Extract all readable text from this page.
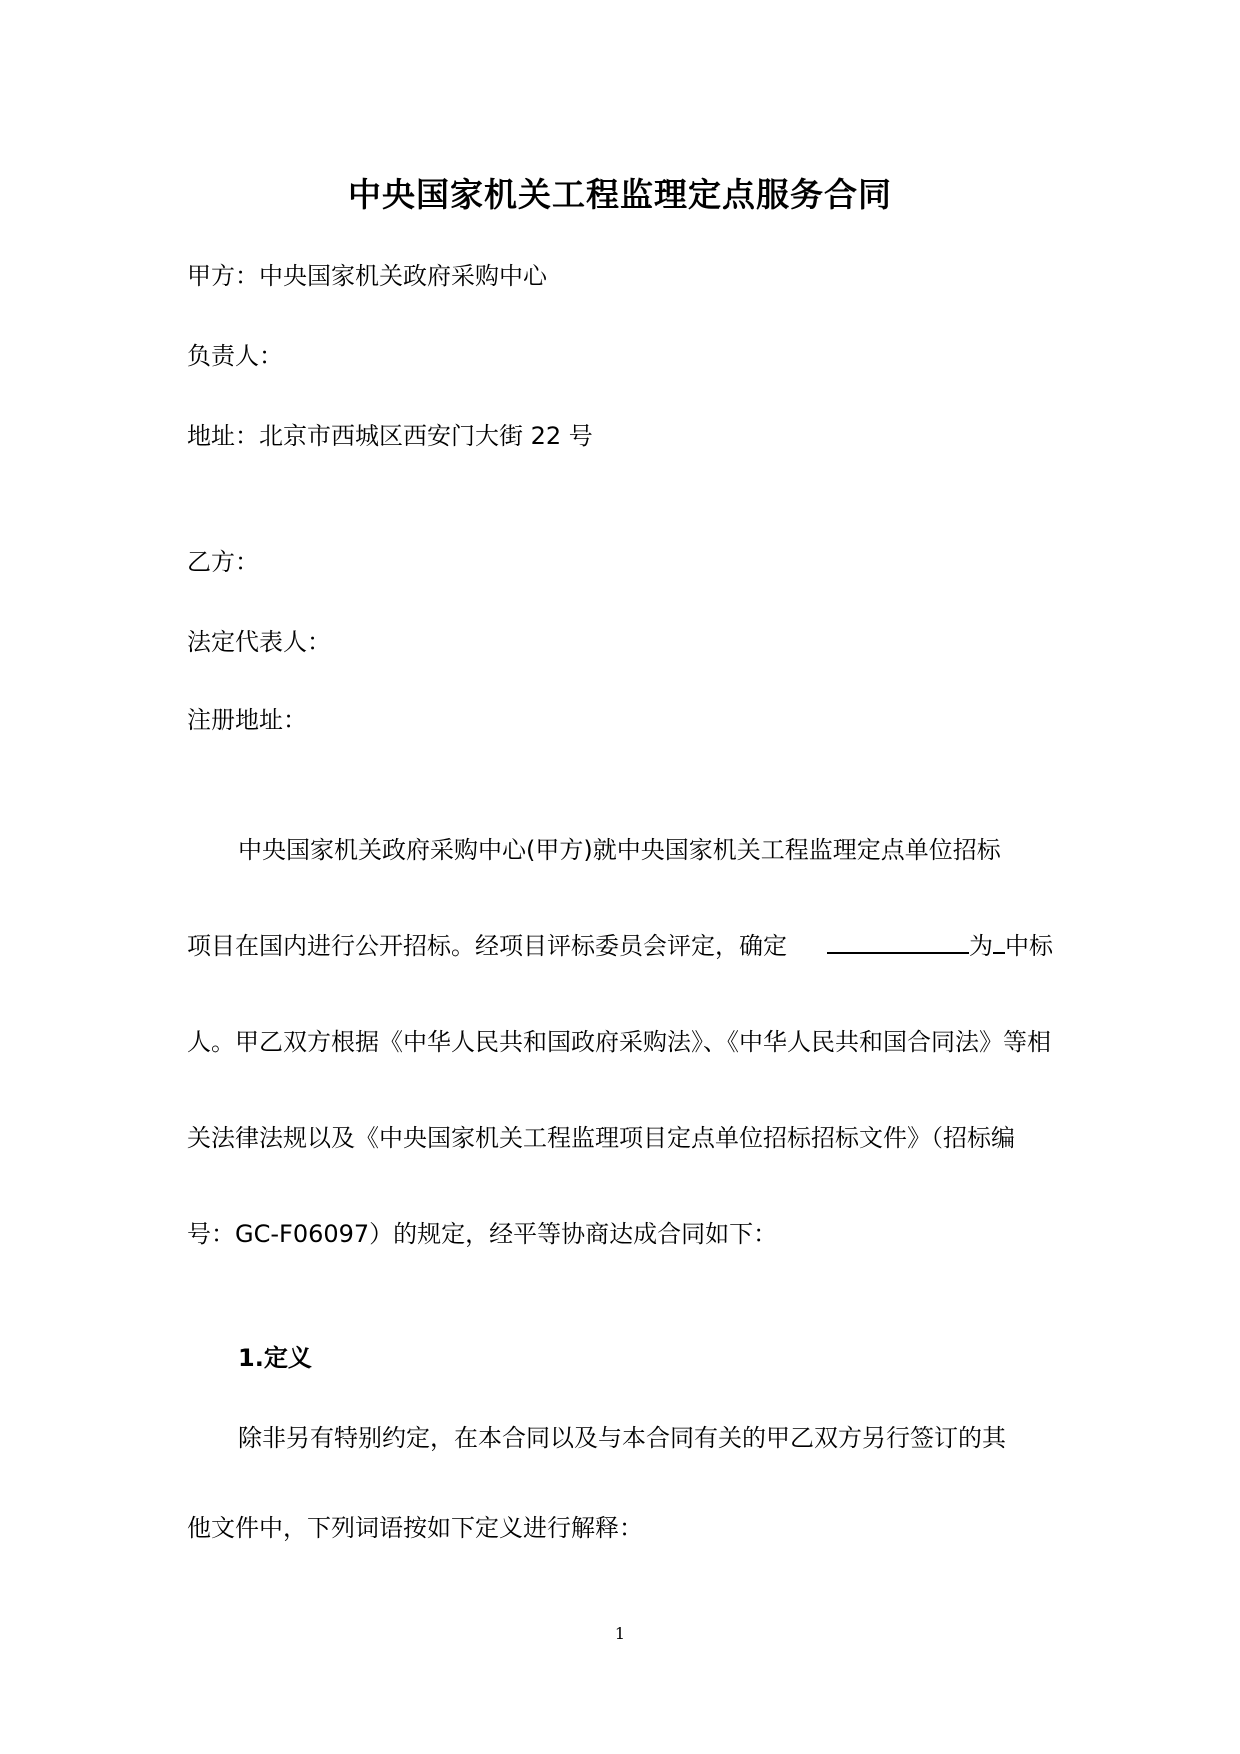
中央国家机关工程监理定点服务合同
甲方：中央国家机关政府采购中心
负责人：
地址：北京市西城区西安门大街 22 号
乙方：
法定代表人：
注册地址：
中央国家机关政府采购中心(甲方)就中央国家机关工程监理定点单位招标
项目在国内进行公开招标。经项目评标委员会评定，确定	为 中标
人。甲乙双方根据《中华人民共和国政府采购法》、《中华人民共和国合同法》等相
关法律法规以及《中央国家机关工程监理项目定点单位招标招标文件》（招标编
号：GC-F06097）的规定，经平等协商达成合同如下：
1.定义
除非另有特别约定，在本合同以及与本合同有关的甲乙双方另行签订的其
他文件中，下列词语按如下定义进行解释：
1
